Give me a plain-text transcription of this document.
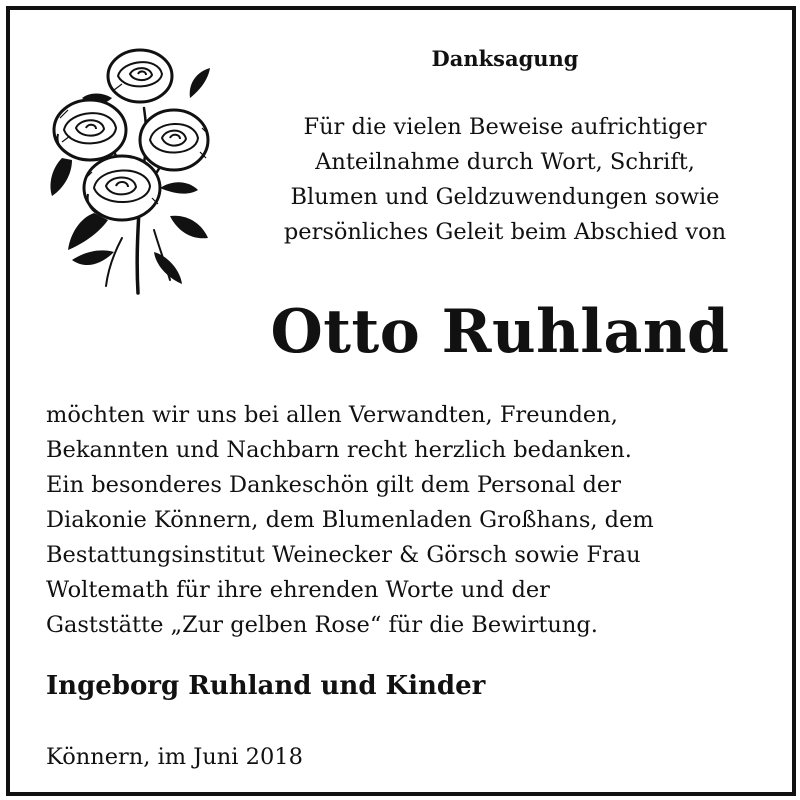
Danksagung
Für die vielen Beweise aufrichtiger
Anteilnahme durch Wort, Schrift,
Blumen und Geldzuwendungen sowie
persönliches Geleit beim Abschied von
Otto Ruhland
möchten wir uns bei allen Verwandten, Freunden,
Bekannten und Nachbarn recht herzlich bedanken.
Ein besonderes Dankeschön gilt dem Personal der
Diakonie Könnern, dem Blumenladen Großhans, dem
Bestattungsinstitut Weinecker & Görsch sowie Frau
Woltemath für ihre ehrenden Worte und der
Gaststätte „Zur gelben Rose“ für die Bewirtung.
Ingeborg Ruhland und Kinder
Könnern, im Juni 2018
